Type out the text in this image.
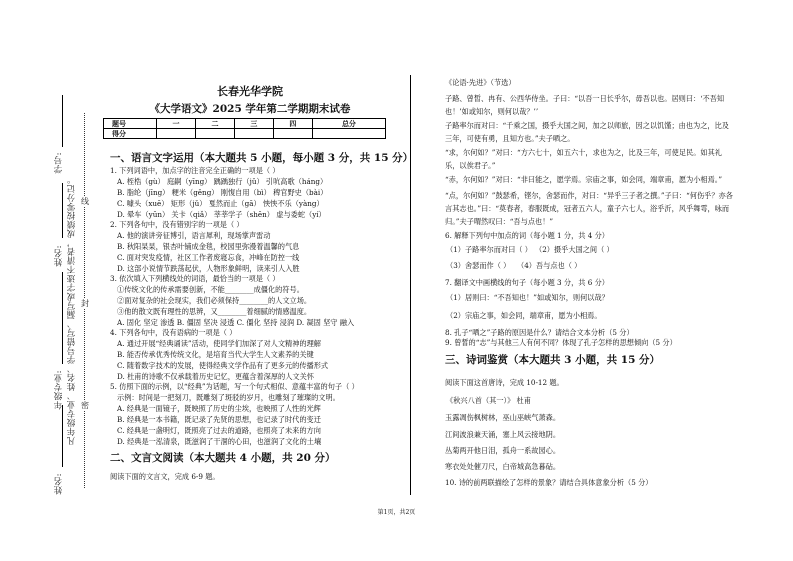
学号:
姓名:
年级专业:
姓名:
凡年级专业、姓名、学号错写、漏写或字迹不清者，成绩按零分记。 线
封
密
长春光华学院
《大学语文》2025 学年第二学期期末试卷
题号	一	二	三	四	总分
得分					
一、语言文字运用（本大题共 5 小题，每小题 3 分，共 15 分）
1. 下列词语中，加点字的注音完全正确的一项是（ ）
A. 桎梏（gù） 庭嗣（yīng） 踽踽独行（jǔ） 引吭高歌（háng）
B. 脂纶（jīng） 粳米（gěng） 刚愎自用（bì） 稗官野史（bài）
C. 噱头（xuē） 矩形（jǔ） 戛然而止（gā） 怏怏不乐（yàng）
D. 晕车（yūn） 关卡（qiǎ） 莘莘学子（shēn） 虚与委蛇（yí）
2. 下列各句中，没有错别字的一项是（ ）
A. 他的演讲旁征博引，语言犀利，现场掌声雷动
B. 秋阳杲杲，银杏叶铺成金毯，校园里弥漫着温馨的气息
C. 面对突发疫情，社区工作者废寝忘食，冲峰在防控一线
D. 这部小说情节跌荡起伏，人物形象鲜明，读来引人入胜
3. 依次填入下列横线处的词语，最恰当的一项是（ ）
①传统文化的传承需要创新，不能________成僵化的符号。
②面对复杂的社会现实，我们必须保持________的人文立场。
③他的散文既有理性的思辨，又________着细腻的情感温度。
A. 固化 坚定 渗透 B. 僵固 坚决 浸透 C. 僵化 坚持 浸润 D. 凝固 坚守 融入
4. 下列各句中，没有语病的一项是（ ）
A. 通过开展“经典诵读”活动，使同学们加深了对人文精神的理解
B. 能否传承优秀传统文化，是培育当代大学生人文素养的关键
C. 随着数字技术的发展，使得经典文学作品有了更多元的传播形式
D. 杜甫的诗歌不仅承载着历史记忆，更蕴含着深厚的人文关怀
5. 仿照下面的示例，以“经典”为话题，写一个句式相似、意蕴丰富的句子（ ）
示例：时间是一把刻刀，既雕刻了斑驳的岁月，也雕刻了璀璨的文明。
A. 经典是一面镜子，既映照了历史的尘埃，也映照了人性的光辉
B. 经典是一本书籍，既记录了先贤的思想，也记录了时代的变迁
C. 经典是一盏明灯，既照亮了过去的道路，也照亮了未来的方向
D. 经典是一泓清泉，既滋润了干涸的心田，也滋润了文化的土壤
二、文言文阅读（本大题共 4 小题，共 20 分）
阅读下面的文言文，完成 6-9 题。
《论语·先进》（节选）
子路、曾皙、冉有、公西华侍坐。子曰：“以吾一日长乎尔，毋吾以也。居则曰：‘不吾知也！’如或知尔，则何以哉？’’
子路率尔而对曰：“千乘之国，摄乎大国之间，加之以师旅，因之以饥馑；由也为之，比及三年，可使有勇，且知方也。”夫子哂之。
“求，尔何如？”对曰：“方六七十，如五六十，求也为之，比及三年，可使足民。如其礼乐，以俟君子。”
“赤，尔何如？”对曰：“非曰能之，愿学焉。宗庙之事，如会同，端章甫，愿为小相焉。”
“点，尔何如？”鼓瑟希，铿尔，舍瑟而作，对曰：“异乎三子者之撰。”子曰：“何伤乎？亦各言其志也。”曰：“莫春者，春服既成，冠者五六人，童子六七人，浴乎沂，风乎舞雩，咏而归。”夫子喟然叹曰：“吾与点也！”
6. 解释下列句中加点的词（每小题 1 分，共 4 分）
（1）子路率尔而对曰（ ） （2）摄乎大国之间（ ）
（3）舍瑟而作（ ） （4）吾与点也（ ）
7. 翻译文中画横线的句子（每小题 3 分，共 6 分）
（1）居则曰：“不吾知也！”如或知尔，则何以哉？
（2）宗庙之事，如会同，端章甫，愿为小相焉。
8. 孔子“哂之”子路的原因是什么？请结合文本分析（5 分）
9. 曾皙的“志”与其他三人有何不同？体现了孔子怎样的思想倾向（5 分）
三、诗词鉴赏（本大题共 3 小题，共 15 分）
阅读下面这首唐诗，完成 10-12 题。
《秋兴八首（其一）》 杜甫
玉露凋伤枫树林，巫山巫峡气萧森。
江间波浪兼天涌，塞上风云接地阴。
丛菊两开他日泪，孤舟一系故园心。
寒衣处处催刀尺，白帝城高急暮砧。
10. 诗的前两联描绘了怎样的景象？请结合具体意象分析（5 分）
第1页，共2页
